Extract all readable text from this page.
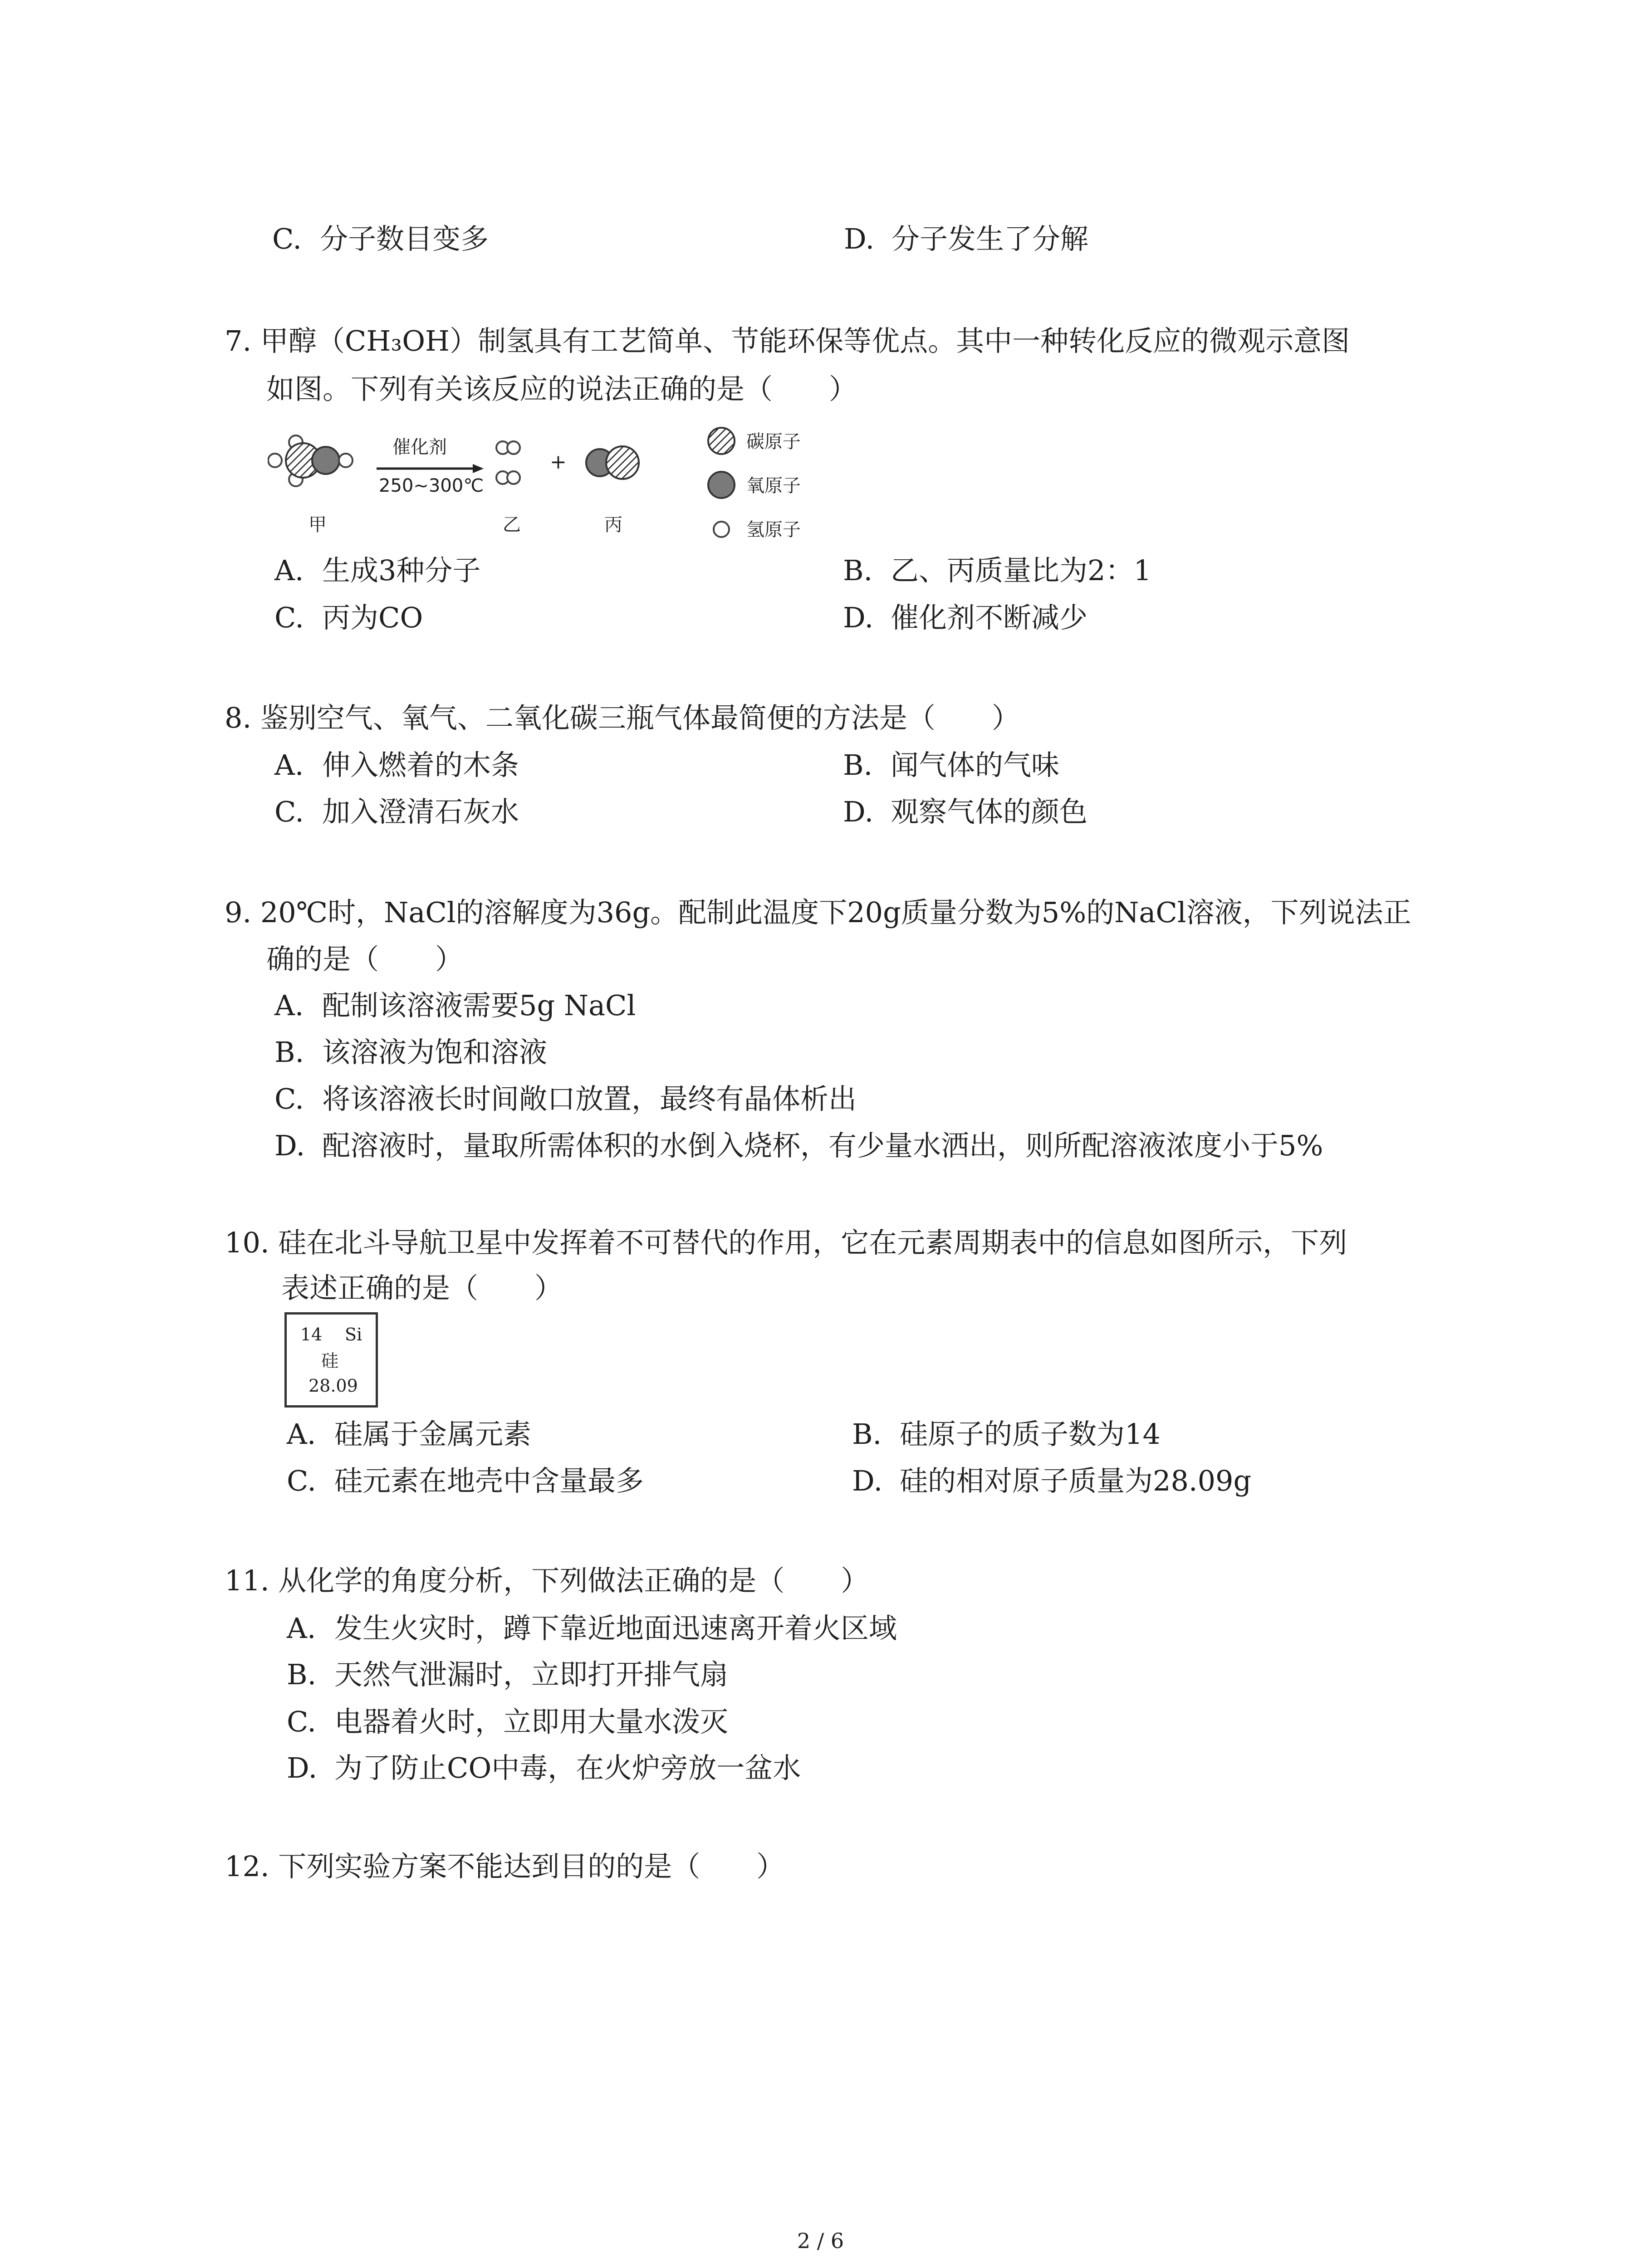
C. 分子数目变多	D. 分子发生了分解
7. 甲醇（CH₃OH）制氢具有工艺简单、节能环保等优点。其中一种转化反应的微观示意图
如图。下列有关该反应的说法正确的是（　　）
催化剂
250~300℃
+
甲	乙	丙
碳原子
氧原子
氢原子
A. 生成3种分子	B. 乙、丙质量比为2：1
C. 丙为CO	D. 催化剂不断减少
8. 鉴别空气、氧气、二氧化碳三瓶气体最简便的方法是（　　）
A. 伸入燃着的木条	B. 闻气体的气味
C. 加入澄清石灰水	D. 观察气体的颜色
9. 20℃时，NaCl的溶解度为36g。配制此温度下20g质量分数为5%的NaCl溶液，下列说法正
确的是（　　）
A. 配制该溶液需要5g NaCl
B. 该溶液为饱和溶液
C. 将该溶液长时间敞口放置，最终有晶体析出
D. 配溶液时，量取所需体积的水倒入烧杯，有少量水洒出，则所配溶液浓度小于5%
10. 硅在北斗导航卫星中发挥着不可替代的作用，它在元素周期表中的信息如图所示，下列
表述正确的是（　　）
14 Si
硅
28.09
A. 硅属于金属元素	B. 硅原子的质子数为14
C. 硅元素在地壳中含量最多	D. 硅的相对原子质量为28.09g
11. 从化学的角度分析，下列做法正确的是（　　）
A. 发生火灾时，蹲下靠近地面迅速离开着火区域
B. 天然气泄漏时，立即打开排气扇
C. 电器着火时，立即用大量水泼灭
D. 为了防止CO中毒，在火炉旁放一盆水
12. 下列实验方案不能达到目的的是（　　）
2 / 6
